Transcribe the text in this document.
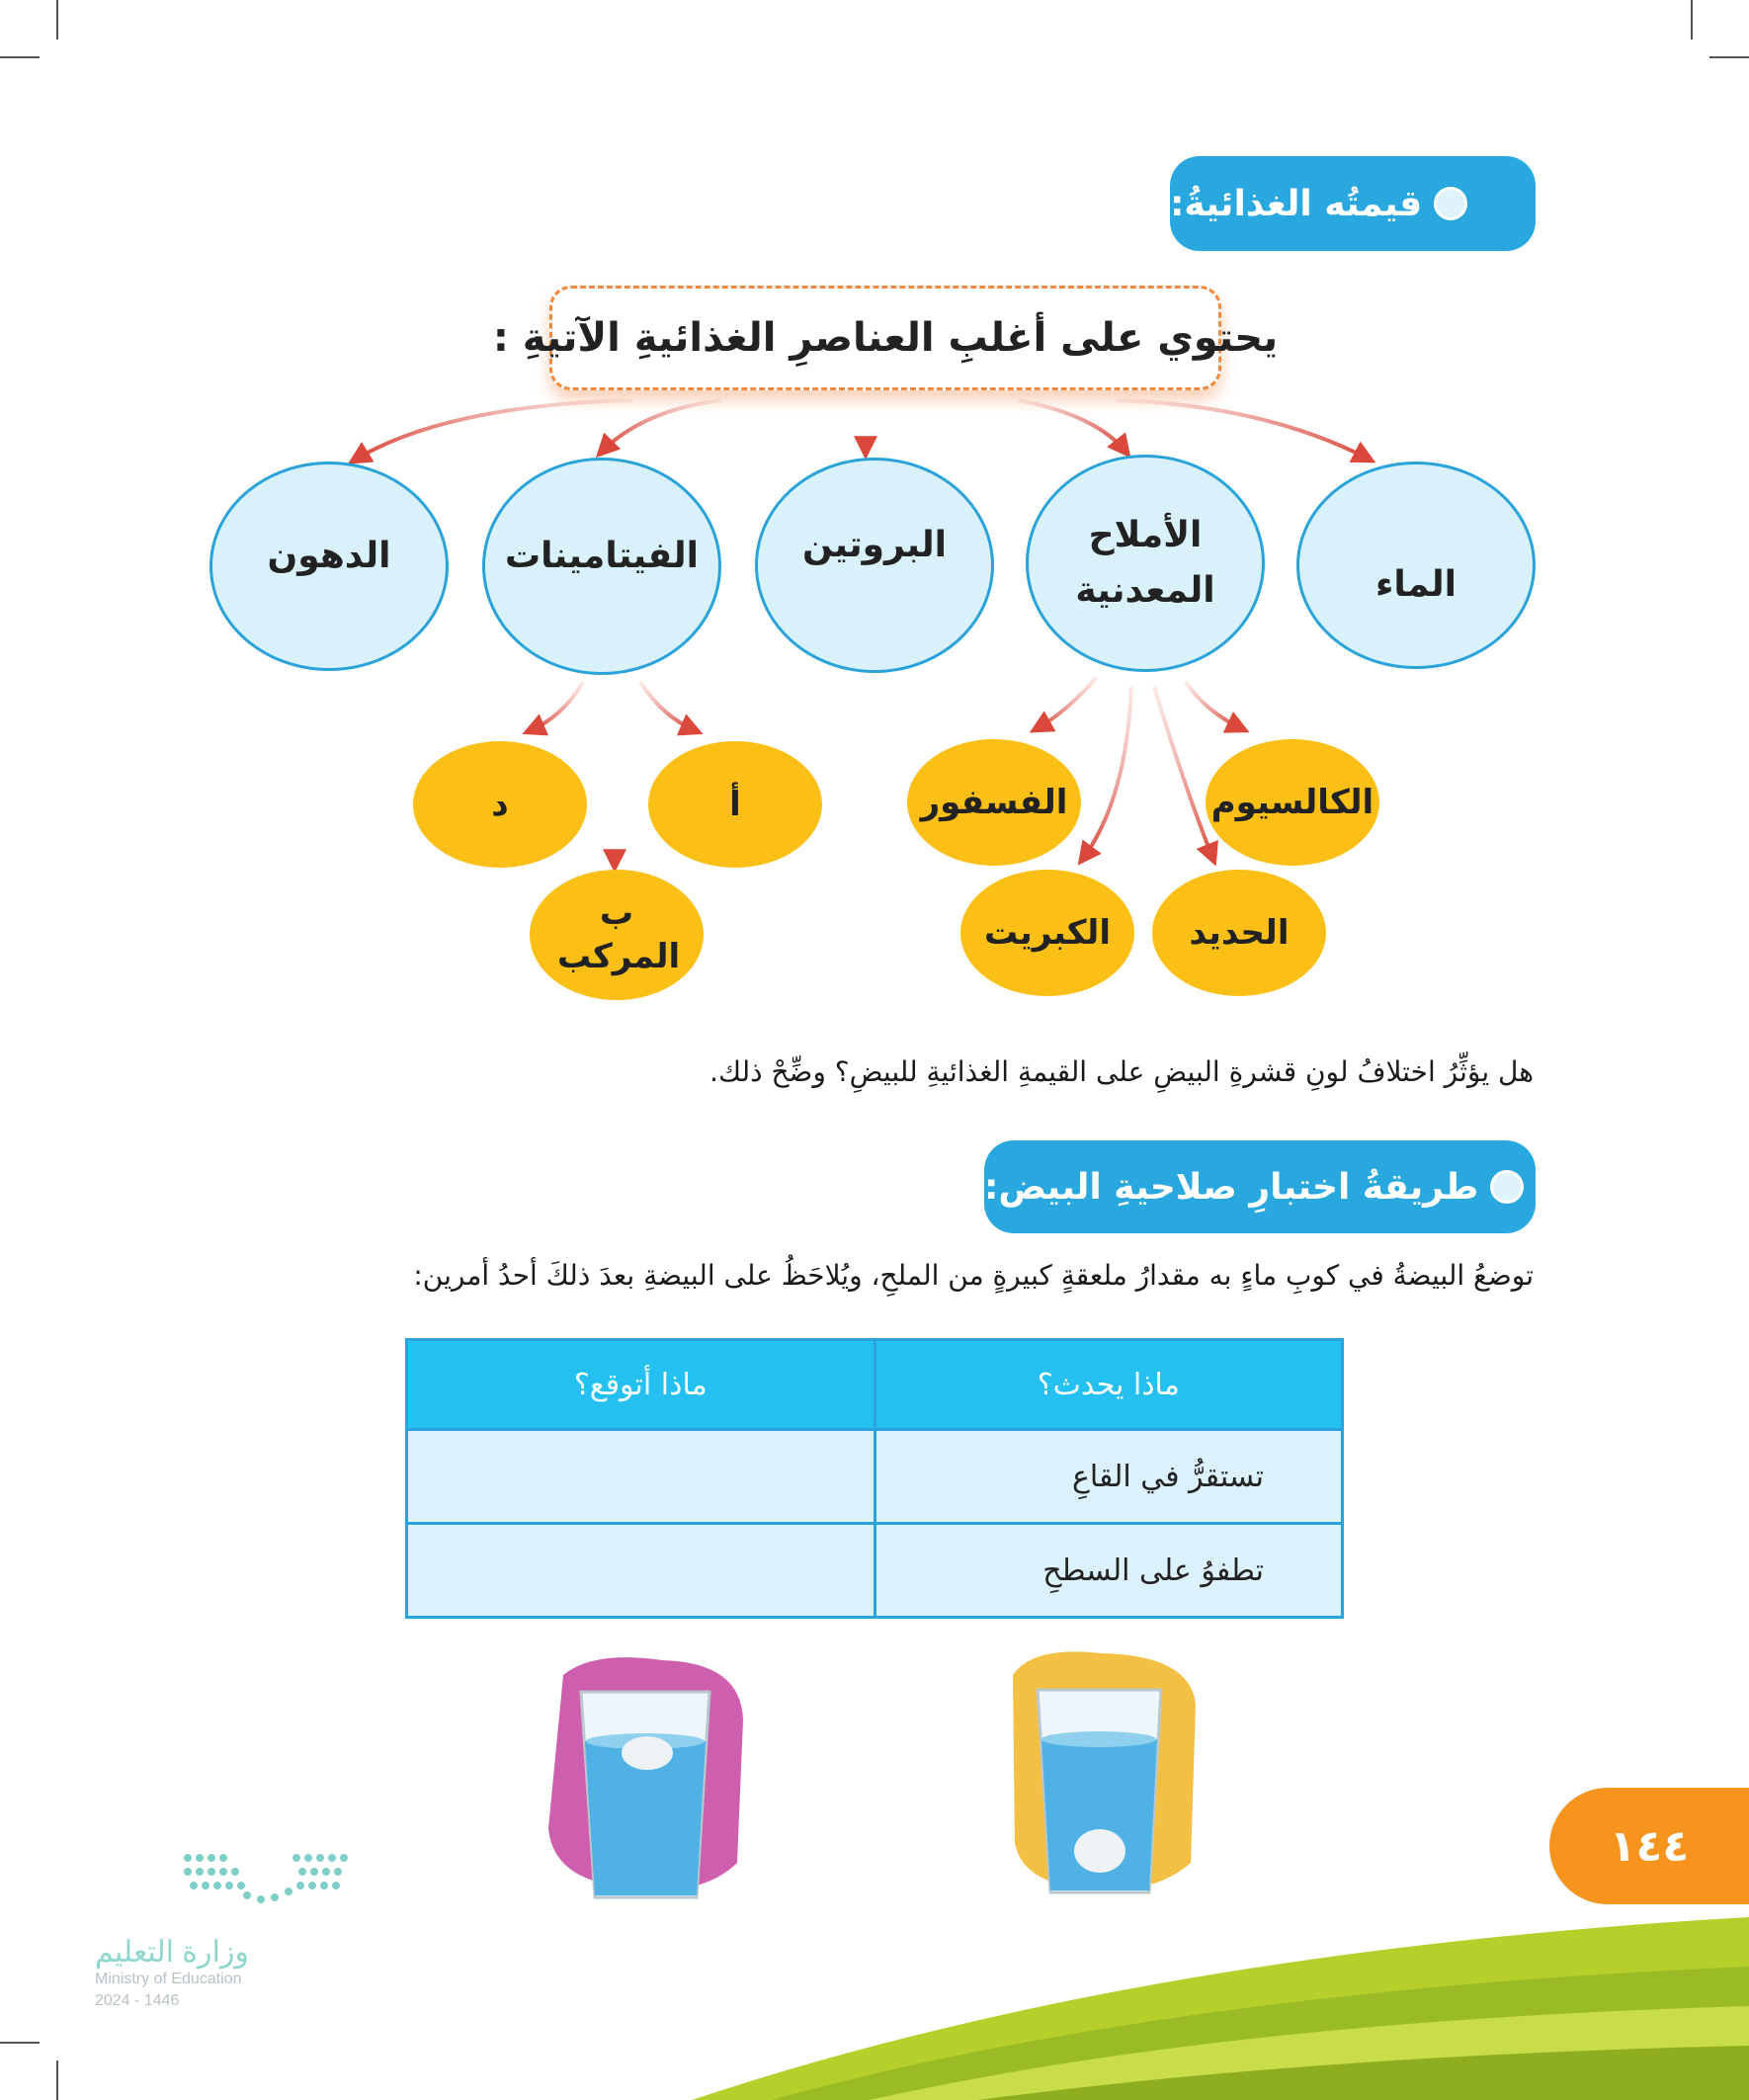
قيمتُه الغذائيةُ:
يحتوي على أغلبِ العناصرِ الغذائيةِ الآتيةِ :
الماء
الأملاح المعدنية
البروتين
الفيتامينات
الدهون
الكالسيوم
الفسفور
الحديد
الكبريت
أ
د
ب المركب
هل يؤثِّرُ اختلافُ لونِ قشرةِ البيضِ على القيمةِ الغذائيةِ للبيضِ؟ وضِّحْ ذلك.
طريقةُ اختبارِ صلاحيةِ البيض:
توضعُ البيضةُ في كوبِ ماءٍ به مقدارُ ملعقةٍ كبيرةٍ من الملحِ، ويُلاحَظُ على البيضةِ بعدَ ذلكَ أحدُ أمرين:
ماذا يحدث؟	ماذا أتوقع؟
تستقرُّ في القاعِ	
تطفوُ على السطحِ	
١٤٤
وزارة التعليم
Ministry of Education
2024 - 1446
